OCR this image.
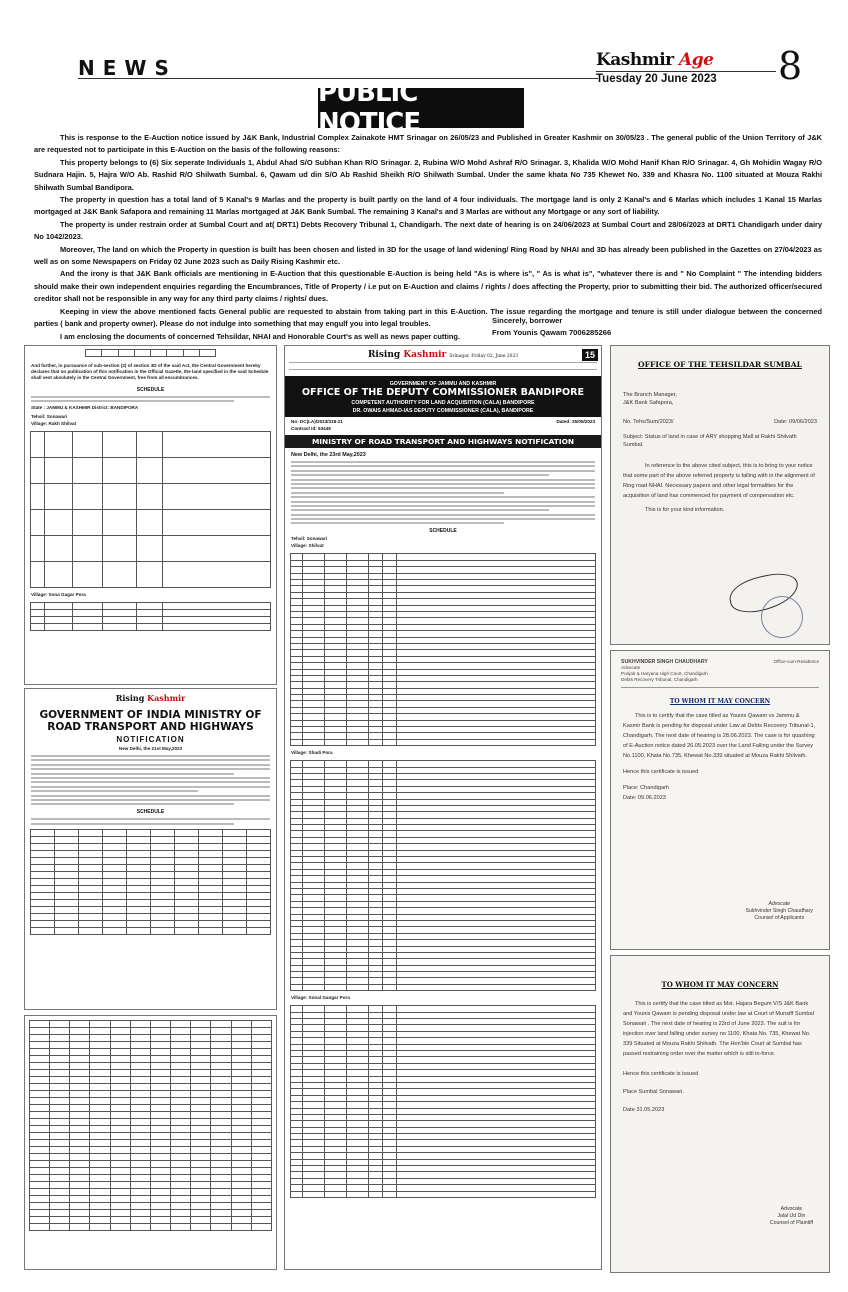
NEWS	Kashmir Age
Tuesday 20 June 2023	8
PUBLIC NOTICE

This is response to the E-Auction notice issued by J&K Bank, Industrial Complex Zainakote HMT Srinagar on 26/05/23 and Published in Greater Kashmir on 30/05/23 . The general public of the Union Territory of J&K are requested not to participate in this E-Auction on the basis of the following reasons:

This property belongs to (6) Six seperate Individuals 1, Abdul Ahad S/O Subhan Khan R/O Srinagar. 2, Rubina W/O Mohd Ashraf R/O Srinagar. 3, Khalida W/O Mohd Hanif Khan R/O Srinagar. 4, Gh Mohidin Wagay R/O Sudnara Hajin. 5, Hajra W/O Ab. Rashid R/O Shilwath Sumbal. 6, Qawam ud din S/O Ab Rashid Sheikh R/O Shilwath Sumbal. Under the same khata No 735 Khewet No. 339 and Khasra No. 1100 situated at Mouza Rakhi Shilwath Sumbal Bandipora.

The property in question has a total land of 5 Kanal's 9 Marlas and the property is built partly on the land of 4 four individuals. The mortgage land is only 2 Kanal's and 6 Marlas which includes 1 Kanal 15 Marlas mortgaged at J&K Bank Safapora and remaining 11 Marlas mortgaged at J&K Bank Sumbal. The remaining 3 Kanal's and 3 Marlas are without any Mortgage or any sort of liability.

The property is under restrain order at Sumbal Court and at( DRT1) Debts Recovery Tribunal 1, Chandigarh. The next date of hearing is on 24/06/2023 at Sumbal Court and 28/06/2023 at DRT1 Chandigarh under dairy No 1042/2023.

Moreover, The land on which the Property in question is built has been chosen and listed in 3D for the usage of land widening/ Ring Road by NHAI and 3D has already been published in the Gazettes on 27/04/2023 as well as on some Newspapers on Friday 02 June 2023 such as Daily Rising Kashmir etc.

And the irony is that J&K Bank officials are mentioning in E-Auction that this questionable E-Auction is being held "As is where is", " As is what is", "whatever there is and " No Complaint " The intending bidders should make their own independent enquiries regarding the Encumbrances, Title of Property / i.e put on E-Auction and claims / rights / does affecting the Property, prior to submitting their bid. The authorized officer/secured creditor shall not be responsible in any way for any third party claims / rights/ dues.

Keeping in view the above mentioned facts General public are requested to abstain from taking part in this E-Auction. The issue regarding the mortgage and tenure is still under dialogue between the concerned parties ( bank and property owner). Please do not indulge into something that may engulf you into legal troubles.

I am enclosing the documents of concerned Tehsildar, NHAI and Honorable Court's as well as news paper cutting.

Sincerely, borrower
From Younis Qawam 7006285266
And further, in pursuance of sub-section (2) of section 3D of the said Act, the Central Government hereby declares that on publication of this notification in the Official Gazette, the land specified in the said Schedule shall vest absolutely in the Central Government, free from all encumbrances.
SCHEDULE
State : JAMMU & KASHMIR District: BANDIPORA
Tehsil: Sonawari
Village: Rakh Shilvat
Village: Sona Gagar Pora
Rising Kashmir
GOVERNMENT OF INDIA MINISTRY OF ROAD TRANSPORT AND HIGHWAYS
NOTIFICATION
New Delhi, the 21st May,2023
SCHEDULE
Rising Kashmir Srinagar, Friday 02, June 2023	15
GOVERNMENT OF JAMMU AND KASHMIR
OFFICE OF THE DEPUTY COMMISSIONER BANDIPORE
COMPETENT AUTHORITY FOR LAND ACQUISITION (CALA) BANDIPORE
DR. OWAIS AHMAD-IAS DEPUTY COMMISSIONER (CALA), BANDIPORE
No: DC(LA)/2023/318-21	Dated: 25/05/2023
Contract Id: 93449
MINISTRY OF ROAD TRANSPORT AND HIGHWAYS NOTIFICATION
New Delhi, the 23rd May,2023
SCHEDULE
Tehsil: Sonawari
Village: Shilvat
Village: Shadi Pora
Village: Sonal Gangar Pora
OFFICE OF THE TEHSILDAR SUMBAL
The Branch Manager,
J&K Bank Safapora,
No. Tehs/Sum/2023/	Date: 09/06/2023
Subject: Status of land in case of ARY shopping Mall at Rakhi Shilvath Sumbal.
In reference to the above cited subject, this is to bring to your notice that some part of the above referred property is falling with in the alignment of Ring road NHAI. Necessary papers and other legal formalities for the acquisition of land has commenced for payment of compensation etc.
This is for your kind information.
SUKHVINDER SINGH CHAUDHARY
Advocate
Punjab & Haryana High Court, Chandigarh
Debts Recovery Tribunal, Chandigarh
Office-cum-Residence
TO WHOM IT MAY CONCERN
This is to certify that the case titled as Younis Qawam vs Jammu & Kasmir Bank is pending for disposal under Law at Debts Recovery Tribunal-1, Chandigarh. The next date of hearing is 28.06.2023. The case is for quashing of E-Auction notice dated 26.05.2023 over the Land Falling under the Survey No.1100, Khata No.735, Khewat No.339 situated at Mouza Rakhi Shilvath.
Hence this certificate is issued
Place: Chandigarh
Date: 09.06.2023
Advocate
Sukhvinder Singh Chaudhary
Counsel of Applicants
TO WHOM IT MAY CONCERN
This is certify that the case titled as Mst. Hajara Begum V/S J&K Bank and Younis Qawam is pending disposal under law at Court of Munsiff Sumbal Sonawari . The next date of hearing is 23rd of June 2023. The suit is for injection over land falling under survey no 1100, Khata No. 735, Khewat No. 339 Situated at Mouza Rakhi Shilvath. The Hon'ble Court at Sumbal has passed restraining order over the matter which is still in-force.
Hence this certificate is issued
Place Sumbal Sonawari.
Date 31.05.2023
Advocate
Jalal Ud Din
Counsel of Plaintiff
